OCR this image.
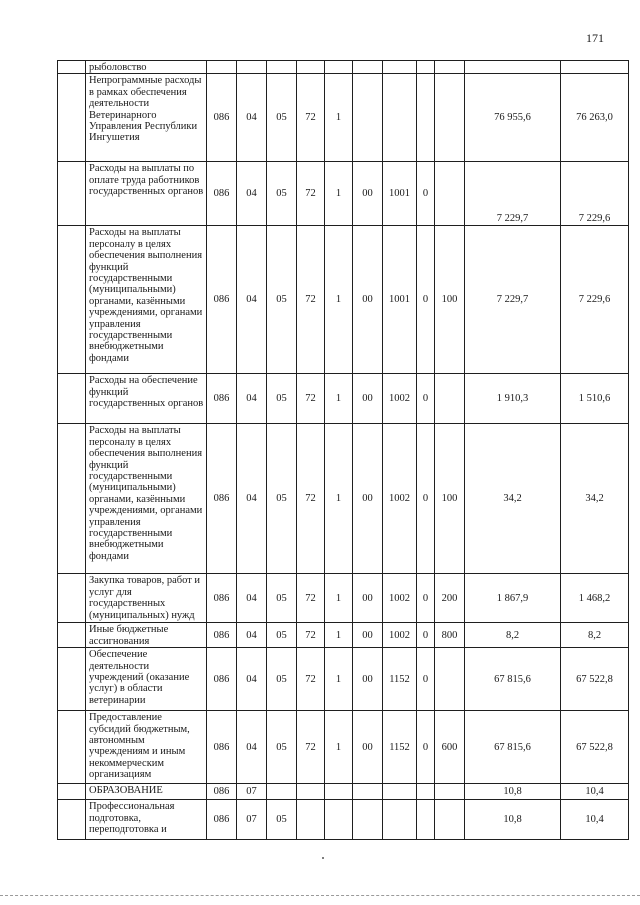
171
	рыболовство											
	Непрограммные расходы в рамках обеспечения деятельности Ветеринарного Управления Республики Ингушетия	086	04	05	72	1					76 955,6	76 263,0
	Расходы на выплаты по оплате труда работников государственных органов	086	04	05	72	1	00	1001	0		7 229,7	7 229,6
	Расходы на выплаты персоналу в целях обеспечения выполнения функций государственными (муниципальными) органами, казёнными учреждениями, органами управления государственными внебюджетными фондами	086	04	05	72	1	00	1001	0	100	7 229,7	7 229,6
	Расходы на обеспечение функций государственных органов	086	04	05	72	1	00	1002	0		1 910,3	1 510,6
	Расходы на выплаты персоналу в целях обеспечения выполнения функций государственными (муниципальными) органами, казёнными учреждениями, органами управления государственными внебюджетными фондами	086	04	05	72	1	00	1002	0	100	34,2	34,2
	Закупка товаров, работ и услуг для государственных (муниципальных) нужд	086	04	05	72	1	00	1002	0	200	1 867,9	1 468,2
	Иные бюджетные ассигнования	086	04	05	72	1	00	1002	0	800	8,2	8,2
	Обеспечение деятельности учреждений (оказание услуг) в области ветеринарии	086	04	05	72	1	00	1152	0		67 815,6	67 522,8
	Предоставление субсидий бюджетным, автономным учреждениям и иным некоммерческим организациям	086	04	05	72	1	00	1152	0	600	67 815,6	67 522,8
	ОБРАЗОВАНИЕ	086	07								10,8	10,4
	Профессиональная подготовка, переподготовка и	086	07	05							10,8	10,4
